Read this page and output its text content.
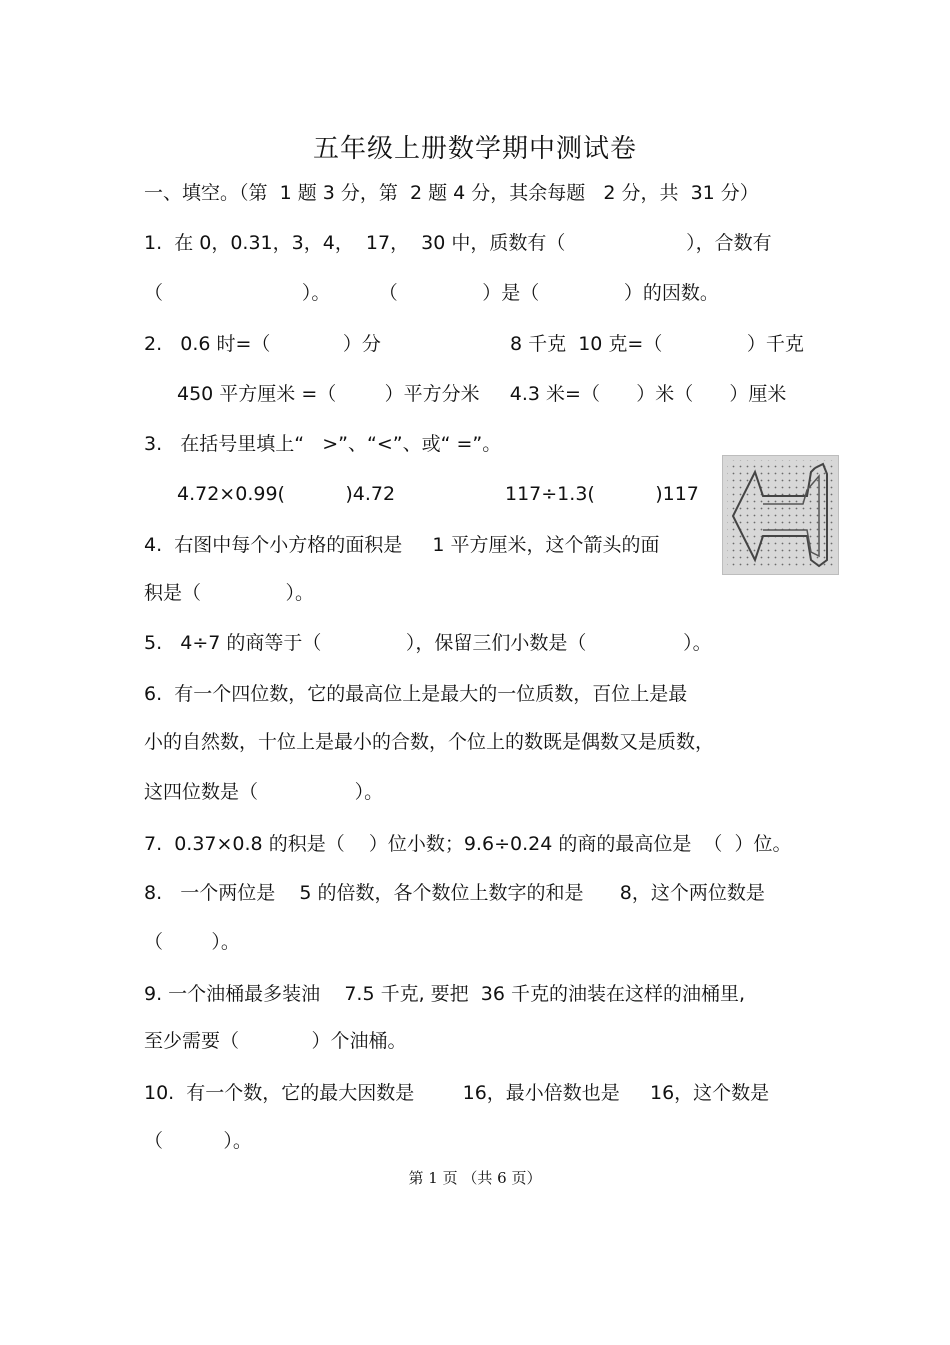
五年级上册数学期中测试卷
一、填空。（第  1 题 3 分，第  2 题 4 分，其余每题   2 分，共  31 分）
1.  在 0，0.31，3，4，  17，  30 中，质数有（                    ），合数有
（                       ）。        （              ）是（              ）的因数。
2.   0.6 时=（            ）分	8 千克  10 克=（              ）千克
450 平方厘米 =（        ）平方分米     4.3 米=（      ）米（      ）厘米
3.   在括号里填上“   >”、“<”、或“ =”。
4.72×0.99(          )4.72	117÷1.3(          )117
4.  右图中每个小方格的面积是     1 平方厘米，这个箭头的面
积是（              ）。
5.   4÷7 的商等于（              ），保留三们小数是（                ）。
6.  有一个四位数，它的最高位上是最大的一位质数，百位上是最
小的自然数，十位上是最小的合数，个位上的数既是偶数又是质数，
这四位数是（                ）。
7.  0.37×0.8 的积是（    ）位小数；9.6÷0.24 的商的最高位是  （  ）位。
8.   一个两位是    5 的倍数，各个数位上数字的和是      8，这个两位数是
（        ）。
9. 一个油桶最多装油    7.5 千克, 要把  36 千克的油装在这样的油桶里,
至少需要（            ）个油桶。
10.  有一个数，它的最大因数是        16，最小倍数也是     16，这个数是
（          ）。
第 1 页 （共 6 页）
